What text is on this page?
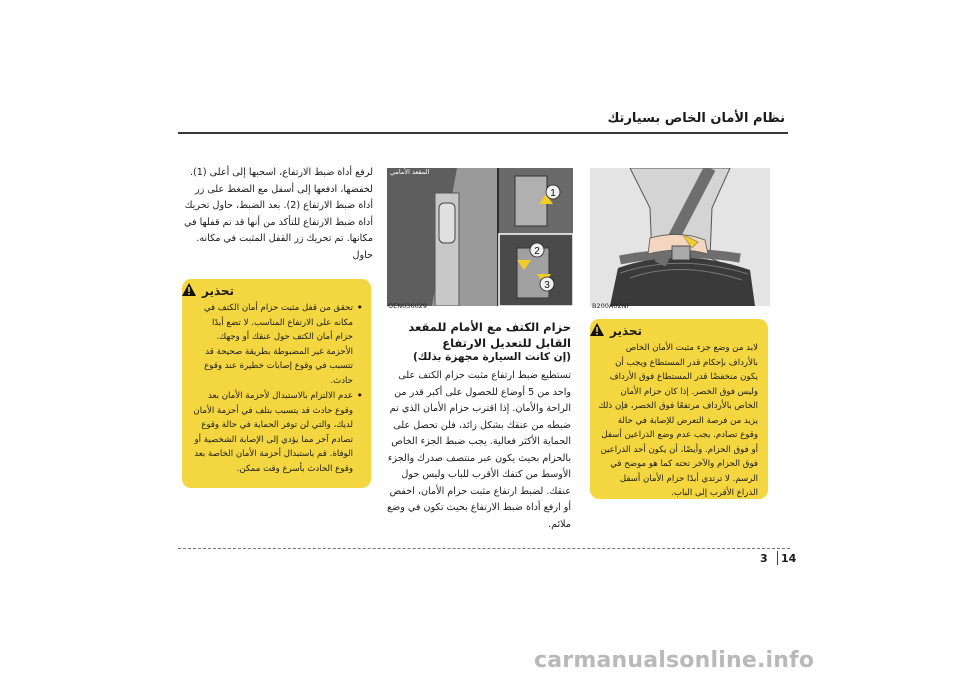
نظام الأمان الخاص بسيارتك
B200A02NF
1
2
3
المقعد الأمامي
OEN036029
تحذير
لابد من وضع جزء مثبت الأمان الخاص بالأرداف بإحكام قدر المستطاع ويجب أن يكون منخفضًا قدر المستطاع فوق الأرداف وليس فوق الخصر. إذا كان حزام الأمان الخاص بالأرداف مرتفعًا فوق الخصر، فإن ذلك يزيد من فرصة التعرض للإصابة في حالة وقوع تصادم. يجب عدم وضع الذراعين أسفل أو فوق الحزام. وأيضًا، أن يكون أحد الذراعين فوق الحزام والآخر تحته كما هو موضح في الرسم. لا ترتدي أبدًا حزام الأمان أسفل الذراع الأقرب إلى الباب.
حزام الكتف مع الأمام للمقعد القابل للتعديل الارتفاع
(إن كانت السيارة مجهزة بذلك)
تستطيع ضبط ارتفاع مثبت حزام الكتف على واحد من 5 أوضاع للحصول على أكبر قدر من الراحة والأمان. إذا اقترب حزام الأمان الذي تم ضبطه من عنقك بشكل زائد، فلن تحصل على الحماية الأكثر فعالية. يجب ضبط الجزء الخاص بالحزام بحيث يكون عبر منتصف صدرك والجزء الأوسط من كتفك الأقرب للباب وليس حول عنقك. لضبط ارتفاع مثبت حزام الأمان، اخفض أو ارفع أداة ضبط الارتفاع بحيث تكون في وضع ملائم.
لرفع أداة ضبط الارتفاع، اسحبها إلى أعلى (1). لخفضها، ادفعها إلى أسفل مع الضغط على زر أداة ضبط الارتفاع (2). بعد الضبط، حاول تحريك أداة ضبط الارتفاع للتأكد من أنها قد تم قفلها في مكانها. تم تحريك زر القفل المثبت في مكانه. حاول
تحذير
• تحقق من قفل مثبت حزام أمان الكتف في مكانه على الارتفاع المناسب. لا تضع أبدًا حزام أمان الكتف حول عنقك أو وجهك. الأحزمة غير المضبوطة بطريقة صحيحة قد تتسبب في وقوع إصابات خطيرة عند وقوع حادث.
• عدم الالتزام بالاستبدال لأحزمة الأمان بعد وقوع حادث قد يتسبب بتلف في أحزمة الأمان لديك، والتي لن توفر الحماية في حالة وقوع تصادم آخر مما يؤدي إلى الإصابة الشخصية أو الوفاة. قم باستبدال أحزمة الأمان الخاصة بعد وقوع الحادث بأسرع وقت ممكن.
3 14
carmanualsonline.info
